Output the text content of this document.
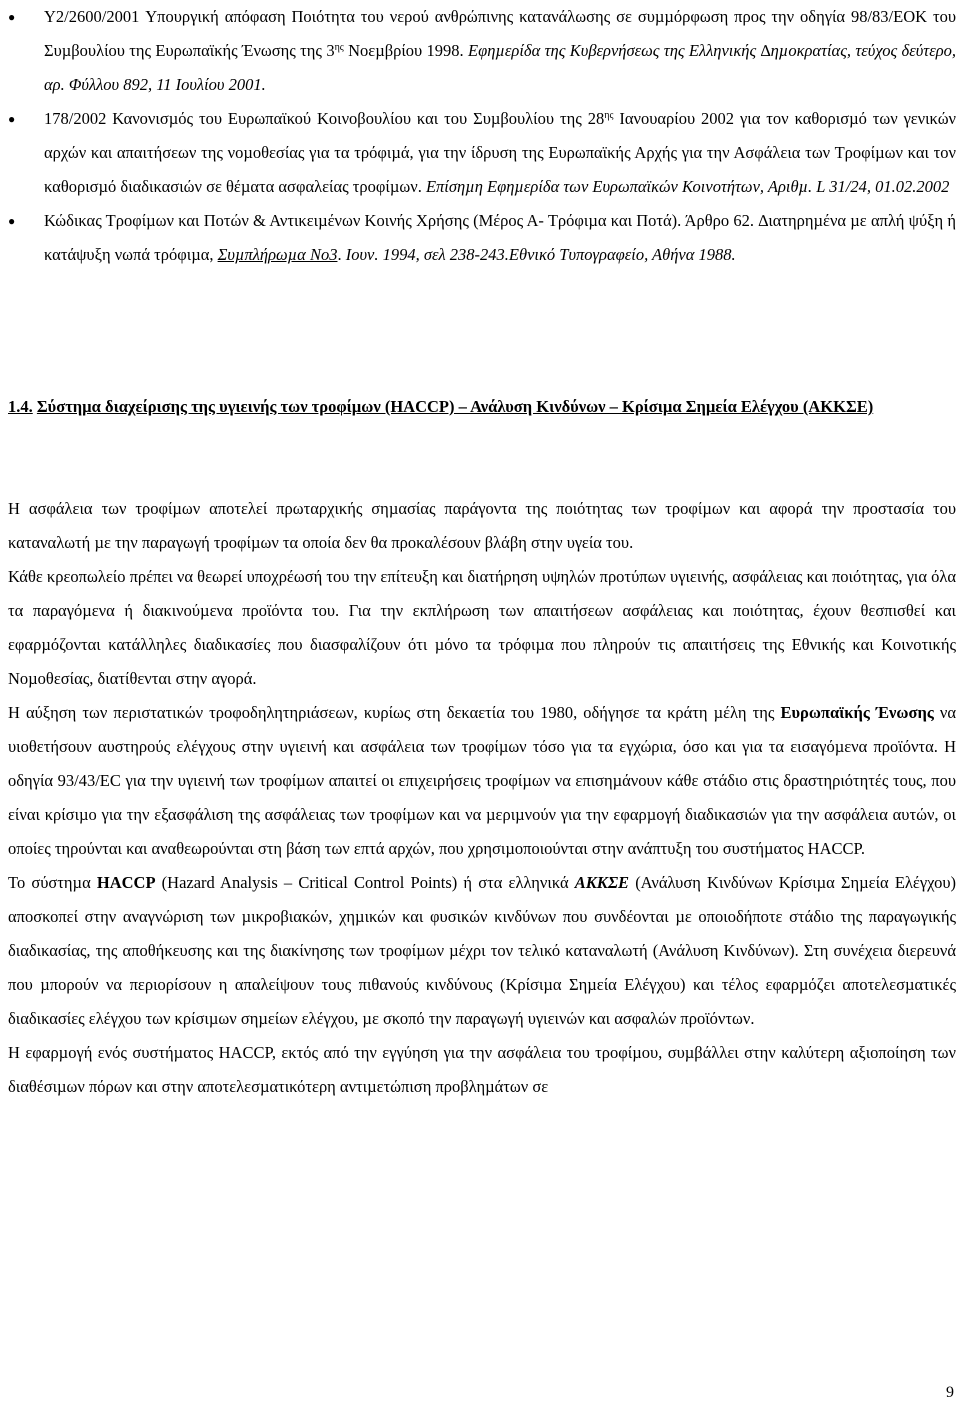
● Y2/2600/2001 Υπουργική απόφαση Ποιότητα του νερού ανθρώπινης κατανάλωσης σε συµµόρφωση προς την οδηγία 98/83/ΕΟΚ του Συµβουλίου της Ευρωπαϊκής Ένωσης της $3^{\eta\varsigma}$ Νοεµβρίου 1998. Εφηµερίδα της Κυβερνήσεως της Ελληνικής ∆ηµοκρατίας, τεύχος δεύτερο, αρ. Φύλλου 892, 11 Ιουλίου 2001.
● 178/2002 Κανονισµός του Ευρωπαϊκού Κοινοβουλίου και του Συµβουλίου της $28^{\eta\varsigma}$ Ιανουαρίου 2002 για τον καθορισµό των γενικών αρχών και απαιτήσεων της νοµοθεσίας για τα τρόφιµά, για την ίδρυση της Ευρωπαϊκής Αρχής για την Ασφάλεια των Τροφίµων και τον καθορισµό διαδικασιών σε θέµατα ασφαλείας τροφίµων. Επίσηµη Εφηµερίδα των Ευρωπαϊκών Κοινοτήτων, Αριθµ. L 31/24, 01.02.2002
● Κώδικας Τροφίµων και Ποτών & Αντικειµένων Κοινής Χρήσης (Μέρος Α- Τρόφιµα και Ποτά). Άρθρο 62. ∆ιατηρηµένα µε απλή ψύξη ή κατάψυξη νωπά τρόφιµα, Συµπλήρωµα Νο3. Ιουν. 1994, σελ 238-243.Εθνικό Τυπογραφείο, Αθήνα 1988.
1.4. Σύστηµα διαχείρισης της υγιεινής των τροφίµων (HACCP) – Ανάλυση Κινδύνων – Κρίσιµα Σηµεία Ελέγχου (ΑΚΚΣΕ)

Η ασφάλεια των τροφίµων αποτελεί πρωταρχικής σηµασίας παράγοντα της ποιότητας των τροφίµων και αφορά την προστασία του καταναλωτή µε την παραγωγή τροφίµων τα οποία δεν θα προκαλέσουν βλάβη στην υγεία του.

Κάθε κρεοπωλείο πρέπει να θεωρεί υποχρέωσή του την επίτευξη και διατήρηση υψηλών προτύπων υγιεινής, ασφάλειας και ποιότητας, για όλα τα παραγόµενα ή διακινούµενα προϊόντα του. Για την εκπλήρωση των απαιτήσεων ασφάλειας και ποιότητας, έχουν θεσπισθεί και εφαρµόζονται κατάλληλες διαδικασίες που διασφαλίζουν ότι µόνο τα τρόφιµα που πληρούν τις απαιτήσεις της Εθνικής και Κοινοτικής Νοµοθεσίας, διατίθενται στην αγορά.

Η αύξηση των περιστατικών τροφοδηλητηριάσεων, κυρίως στη δεκαετία του 1980, οδήγησε τα κράτη µέλη της Ευρωπαϊκής Ένωσης να υιοθετήσουν αυστηρούς ελέγχους στην υγιεινή και ασφάλεια των τροφίµων τόσο για τα εγχώρια, όσο και για τα εισαγόµενα προϊόντα. Η οδηγία 93/43/ΕC για την υγιεινή των τροφίµων απαιτεί οι επιχειρήσεις τροφίµων να επισηµάνουν κάθε στάδιο στις δραστηριότητές τους, που είναι κρίσιµο για την εξασφάλιση της ασφάλειας των τροφίµων και να µεριµνούν για την εφαρµογή διαδικασιών για την ασφάλεια αυτών, οι οποίες τηρούνται και αναθεωρούνται στη βάση των επτά αρχών, που χρησιµοποιούνται στην ανάπτυξη του συστήµατος HACCP.

Το σύστηµα HACCP (Hazard Analysis – Critical Control Points) ή στα ελληνικά ΑΚΚΣΕ (Ανάλυση Κινδύνων Κρίσιµα Σηµεία Ελέγχου) αποσκοπεί στην αναγνώριση των µικροβιακών, χηµικών και φυσικών κινδύνων που συνδέονται µε οποιοδήποτε στάδιο της παραγωγικής διαδικασίας, της αποθήκευσης και της διακίνησης των τροφίµων µέχρι τον τελικό καταναλωτή (Ανάλυση Κινδύνων). Στη συνέχεια διερευνά που µπορούν να περιορίσουν η απαλείψουν τους πιθανούς κινδύνους (Κρίσιµα Σηµεία Ελέγχου) και τέλος εφαρµόζει αποτελεσµατικές διαδικασίες ελέγχου των κρίσιµων σηµείων ελέγχου, µε σκοπό την παραγωγή υγιεινών και ασφαλών προϊόντων.

Η εφαρµογή ενός συστήµατος HACCP, εκτός από την εγγύηση για την ασφάλεια του τροφίµου, συµβάλλει στην καλύτερη αξιοποίηση των διαθέσιµων πόρων και στην αποτελεσµατικότερη αντιµετώπιση προβληµάτων σε

9
